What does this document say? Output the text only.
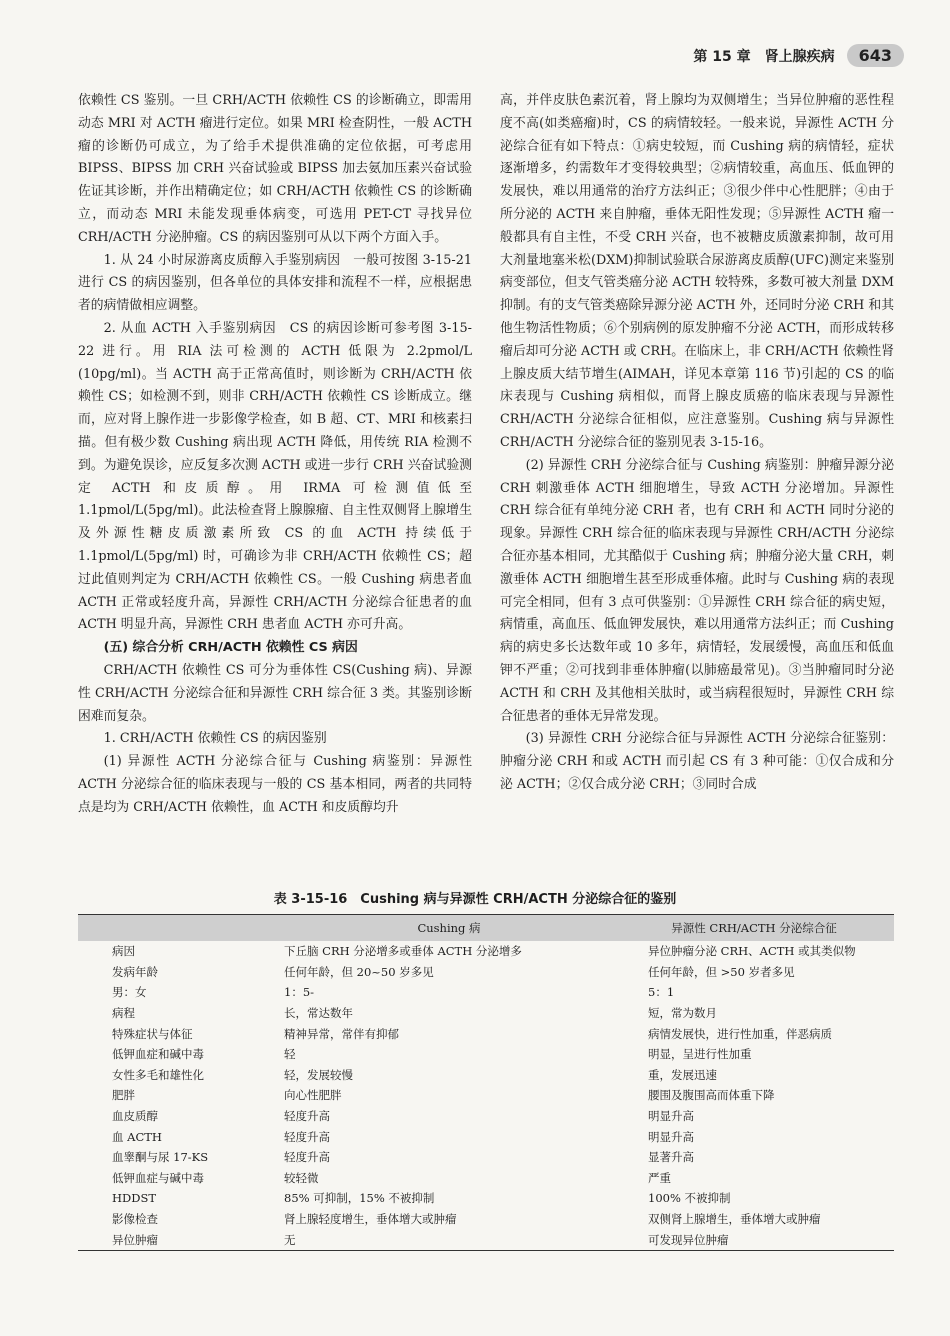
第 15 章　肾上腺疾病	643

依赖性 CS 鉴别。一旦 CRH/ACTH 依赖性 CS 的诊断确立，即需用动态 MRI 对 ACTH 瘤进行定位。如果 MRI 检查阴性，一般 ACTH 瘤的诊断仍可成立，为了给手术提供准确的定位依据，可考虑用 BIPSS、BIPSS 加 CRH 兴奋试验或 BIPSS 加去氨加压素兴奋试验佐证其诊断，并作出精确定位；如 CRH/ACTH 依赖性 CS 的诊断确立，而动态 MRI 未能发现垂体病变，可选用 PET-CT 寻找异位 CRH/ACTH 分泌肿瘤。CS 的病因鉴别可从以下两个方面入手。

1. 从 24 小时尿游离皮质醇入手鉴别病因　一般可按图 3-15-21 进行 CS 的病因鉴别，但各单位的具体安排和流程不一样，应根据患者的病情做相应调整。

2. 从血 ACTH 入手鉴别病因　CS 的病因诊断可参考图 3-15-22 进行。用 RIA 法可检测的 ACTH 低限为 2.2pmol/L (10pg/ml)。当 ACTH 高于正常高值时，则诊断为 CRH/ACTH 依赖性 CS；如检测不到，则非 CRH/ACTH 依赖性 CS 诊断成立。继而，应对肾上腺作进一步影像学检查，如 B 超、CT、MRI 和核素扫描。但有极少数 Cushing 病出现 ACTH 降低，用传统 RIA 检测不到。为避免误诊，应反复多次测 ACTH 或进一步行 CRH 兴奋试验测定 ACTH 和皮质醇。用 IRMA 可检测值低至 1.1pmol/L(5pg/ml)。此法检查肾上腺腺瘤、自主性双侧肾上腺增生及外源性糖皮质激素所致 CS 的血 ACTH 持续低于 1.1pmol/L(5pg/ml) 时，可确诊为非 CRH/ACTH 依赖性 CS；超过此值则判定为 CRH/ACTH 依赖性 CS。一般 Cushing 病患者血 ACTH 正常或轻度升高，异源性 CRH/ACTH 分泌综合征患者的血 ACTH 明显升高，异源性 CRH 患者血 ACTH 亦可升高。

(五) 综合分析 CRH/ACTH 依赖性 CS 病因

CRH/ACTH 依赖性 CS 可分为垂体性 CS(Cushing 病)、异源性 CRH/ACTH 分泌综合征和异源性 CRH 综合征 3 类。其鉴别诊断困难而复杂。

1. CRH/ACTH 依赖性 CS 的病因鉴别

(1) 异源性 ACTH 分泌综合征与 Cushing 病鉴别：异源性 ACTH 分泌综合征的临床表现与一般的 CS 基本相同，两者的共同特点是均为 CRH/ACTH 依赖性，血 ACTH 和皮质醇均升

高，并伴皮肤色素沉着，肾上腺均为双侧增生；当异位肿瘤的恶性程度不高(如类癌瘤)时，CS 的病情较轻。一般来说，异源性 ACTH 分泌综合征有如下特点：①病史较短，而 Cushing 病的病情轻，症状逐渐增多，约需数年才变得较典型；②病情较重，高血压、低血钾的发展快，难以用通常的治疗方法纠正；③很少伴中心性肥胖；④由于所分泌的 ACTH 来自肿瘤，垂体无阳性发现；⑤异源性 ACTH 瘤一般都具有自主性，不受 CRH 兴奋，也不被糖皮质激素抑制，故可用大剂量地塞米松(DXM)抑制试验联合尿游离皮质醇(UFC)测定来鉴别病变部位，但支气管类癌分泌 ACTH 较特殊，多数可被大剂量 DXM 抑制。有的支气管类癌除异源分泌 ACTH 外，还同时分泌 CRH 和其他生物活性物质；⑥个别病例的原发肿瘤不分泌 ACTH，而形成转移瘤后却可分泌 ACTH 或 CRH。在临床上，非 CRH/ACTH 依赖性肾上腺皮质大结节增生(AIMAH，详见本章第 116 节)引起的 CS 的临床表现与 Cushing 病相似，而肾上腺皮质癌的临床表现与异源性 CRH/ACTH 分泌综合征相似，应注意鉴别。Cushing 病与异源性 CRH/ACTH 分泌综合征的鉴别见表 3-15-16。

(2) 异源性 CRH 分泌综合征与 Cushing 病鉴别：肿瘤异源分泌 CRH 刺激垂体 ACTH 细胞增生，导致 ACTH 分泌增加。异源性 CRH 综合征有单纯分泌 CRH 者，也有 CRH 和 ACTH 同时分泌的现象。异源性 CRH 综合征的临床表现与异源性 CRH/ACTH 分泌综合征亦基本相同，尤其酷似于 Cushing 病；肿瘤分泌大量 CRH，刺激垂体 ACTH 细胞增生甚至形成垂体瘤。此时与 Cushing 病的表现可完全相同，但有 3 点可供鉴别：①异源性 CRH 综合征的病史短，病情重，高血压、低血钾发展快，难以用通常方法纠正；而 Cushing 病的病史多长达数年或 10 多年，病情轻，发展缓慢，高血压和低血钾不严重；②可找到非垂体肿瘤(以肺癌最常见)。③当肿瘤同时分泌 ACTH 和 CRH 及其他相关肽时，或当病程很短时，异源性 CRH 综合征患者的垂体无异常发现。

(3) 异源性 CRH 分泌综合征与异源性 ACTH 分泌综合征鉴别：肿瘤分泌 CRH 和或 ACTH 而引起 CS 有 3 种可能：①仅合成和分泌 ACTH；②仅合成分泌 CRH；③同时合成

表 3-15-16　Cushing 病与异源性 CRH/ACTH 分泌综合征的鉴别
	Cushing 病	异源性 CRH/ACTH 分泌综合征
病因	下丘脑 CRH 分泌增多或垂体 ACTH 分泌增多	异位肿瘤分泌 CRH、ACTH 或其类似物
发病年龄	任何年龄，但 20~50 岁多见	任何年龄，但 >50 岁者多见
男：女	1：5-	5：1
病程	长，常达数年	短，常为数月
特殊症状与体征	精神异常，常伴有抑郁	病情发展快，进行性加重，伴恶病质
低钾血症和碱中毒	轻	明显，呈进行性加重
女性多毛和雄性化	轻，发展较慢	重，发展迅速
肥胖	向心性肥胖	腰围及腹围高而体重下降
血皮质醇	轻度升高	明显升高
血 ACTH	轻度升高	明显升高
血睾酮与尿 17-KS	轻度升高	显著升高
低钾血症与碱中毒	较轻微	严重
HDDST	85% 可抑制，15% 不被抑制	100% 不被抑制
影像检查	肾上腺轻度增生，垂体增大或肿瘤	双侧肾上腺增生，垂体增大或肿瘤
异位肿瘤	无	可发现异位肿瘤
